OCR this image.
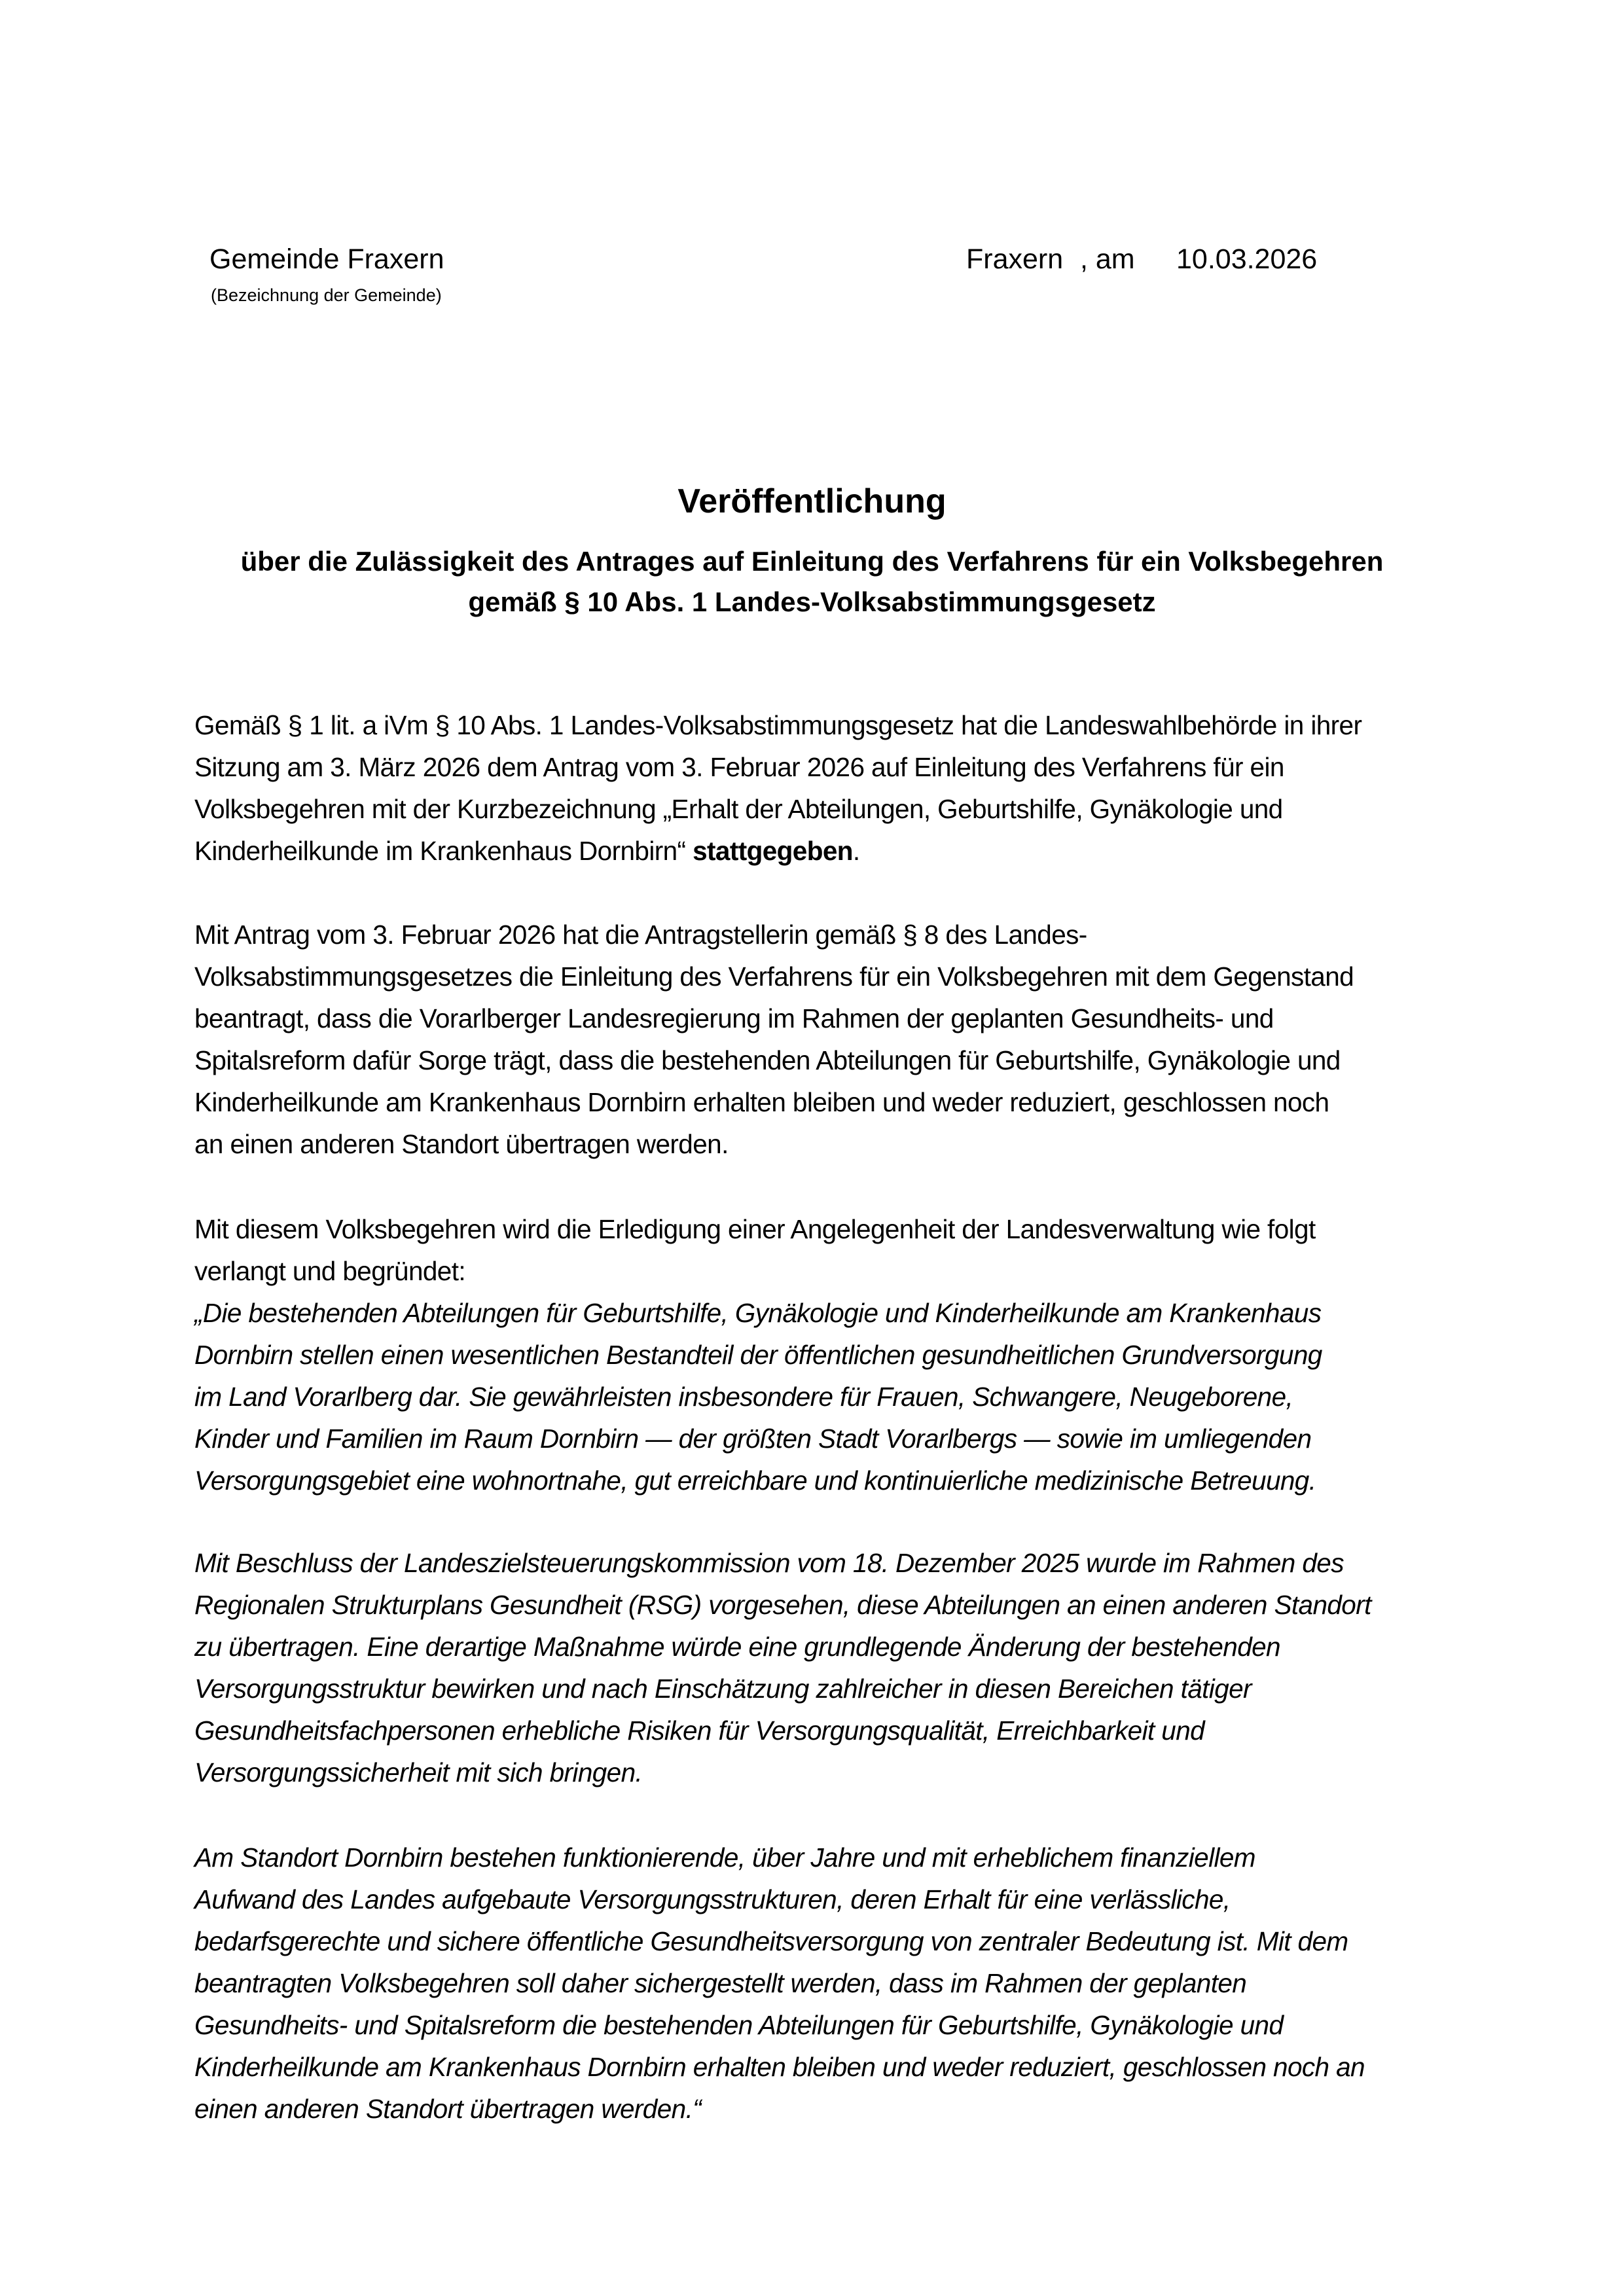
Gemeinde Fraxern
(Bezeichnung der Gemeinde)
Fraxern , am 10.03.2026
Veröffentlichung
über die Zulässigkeit des Antrages auf Einleitung des Verfahrens für ein Volksbegehren
gemäß § 10 Abs. 1 Landes-Volksabstimmungsgesetz
Gemäß § 1 lit. a iVm § 10 Abs. 1 Landes-Volksabstimmungsgesetz hat die Landeswahlbehörde in ihrer
Sitzung am 3. März 2026 dem Antrag vom 3. Februar 2026 auf Einleitung des Verfahrens für ein
Volksbegehren mit der Kurzbezeichnung „Erhalt der Abteilungen, Geburtshilfe, Gynäkologie und
Kinderheilkunde im Krankenhaus Dornbirn“ stattgegeben.
Mit Antrag vom 3. Februar 2026 hat die Antragstellerin gemäß § 8 des Landes-
Volksabstimmungsgesetzes die Einleitung des Verfahrens für ein Volksbegehren mit dem Gegenstand
beantragt, dass die Vorarlberger Landesregierung im Rahmen der geplanten Gesundheits- und
Spitalsreform dafür Sorge trägt, dass die bestehenden Abteilungen für Geburtshilfe, Gynäkologie und
Kinderheilkunde am Krankenhaus Dornbirn erhalten bleiben und weder reduziert, geschlossen noch
an einen anderen Standort übertragen werden.
Mit diesem Volksbegehren wird die Erledigung einer Angelegenheit der Landesverwaltung wie folgt
verlangt und begründet:
„Die bestehenden Abteilungen für Geburtshilfe, Gynäkologie und Kinderheilkunde am Krankenhaus
Dornbirn stellen einen wesentlichen Bestandteil der öffentlichen gesundheitlichen Grundversorgung
im Land Vorarlberg dar. Sie gewährleisten insbesondere für Frauen, Schwangere, Neugeborene,
Kinder und Familien im Raum Dornbirn — der größten Stadt Vorarlbergs — sowie im umliegenden
Versorgungsgebiet eine wohnortnahe, gut erreichbare und kontinuierliche medizinische Betreuung.
Mit Beschluss der Landeszielsteuerungskommission vom 18. Dezember 2025 wurde im Rahmen des
Regionalen Strukturplans Gesundheit (RSG) vorgesehen, diese Abteilungen an einen anderen Standort
zu übertragen. Eine derartige Maßnahme würde eine grundlegende Änderung der bestehenden
Versorgungsstruktur bewirken und nach Einschätzung zahlreicher in diesen Bereichen tätiger
Gesundheitsfachpersonen erhebliche Risiken für Versorgungsqualität, Erreichbarkeit und
Versorgungssicherheit mit sich bringen.
Am Standort Dornbirn bestehen funktionierende, über Jahre und mit erheblichem finanziellem
Aufwand des Landes aufgebaute Versorgungsstrukturen, deren Erhalt für eine verlässliche,
bedarfsgerechte und sichere öffentliche Gesundheitsversorgung von zentraler Bedeutung ist. Mit dem
beantragten Volksbegehren soll daher sichergestellt werden, dass im Rahmen der geplanten
Gesundheits- und Spitalsreform die bestehenden Abteilungen für Geburtshilfe, Gynäkologie und
Kinderheilkunde am Krankenhaus Dornbirn erhalten bleiben und weder reduziert, geschlossen noch an
einen anderen Standort übertragen werden.“
